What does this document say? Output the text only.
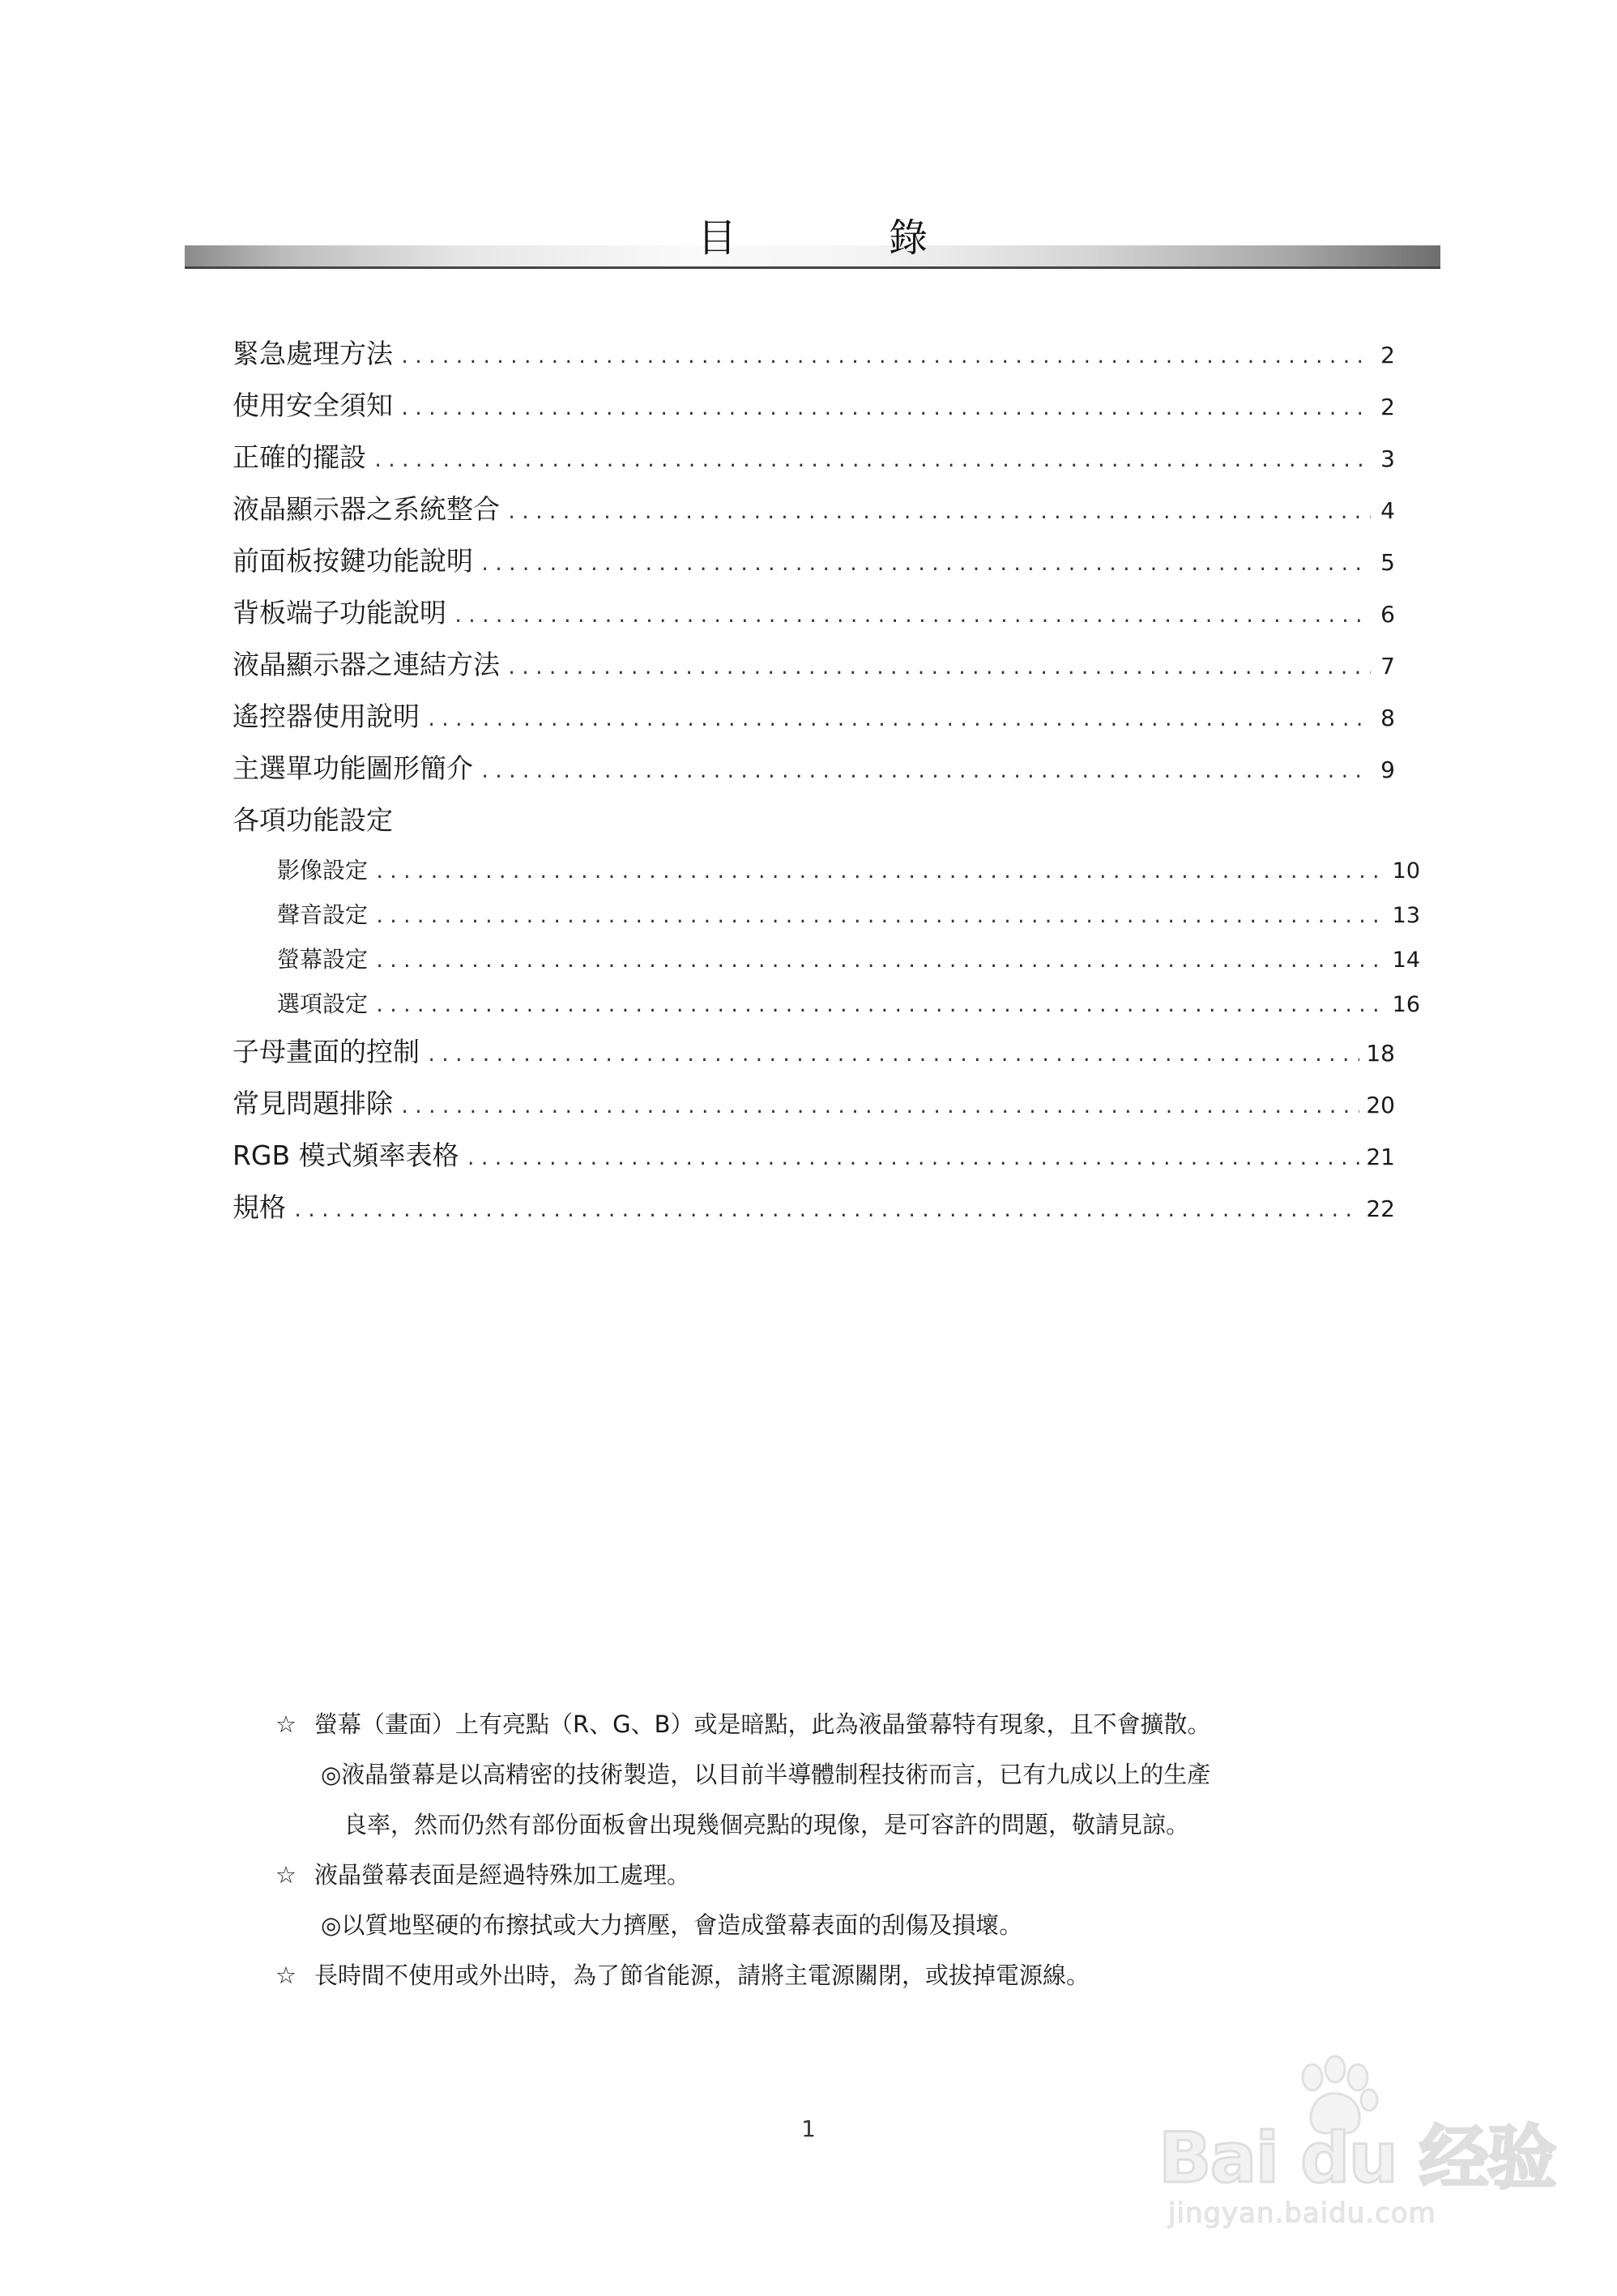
目　錄
緊急處理方法 .....	2
使用安全須知 .....	2
正確的擺設 .....	3
液晶顯示器之系統整合 .....	4
前面板按鍵功能說明 .....	5
背板端子功能說明 .....	6
液晶顯示器之連結方法 .....	7
遙控器使用說明 .....	8
主選單功能圖形簡介 .....	9
各項功能設定
影像設定 .....	10
聲音設定 .....	13
螢幕設定 .....	14
選項設定 .....	16
子母畫面的控制 .....	18
常見問題排除 .....	20
RGB 模式頻率表格 .....	21
規格 .....	22
☆ 螢幕（畫面）上有亮點（R、G、B）或是暗點，此為液晶螢幕特有現象，且不會擴散。
◎液晶螢幕是以高精密的技術製造，以目前半導體制程技術而言，已有九成以上的生產
良率，然而仍然有部份面板會出現幾個亮點的現像，是可容許的問題，敬請見諒。
☆ 液晶螢幕表面是經過特殊加工處理。
◎以質地堅硬的布擦拭或大力擠壓，會造成螢幕表面的刮傷及損壞。
☆ 長時間不使用或外出時，為了節省能源，請將主電源關閉，或拔掉電源線。
1	Bai du 经验
jingyan.baidu.com
